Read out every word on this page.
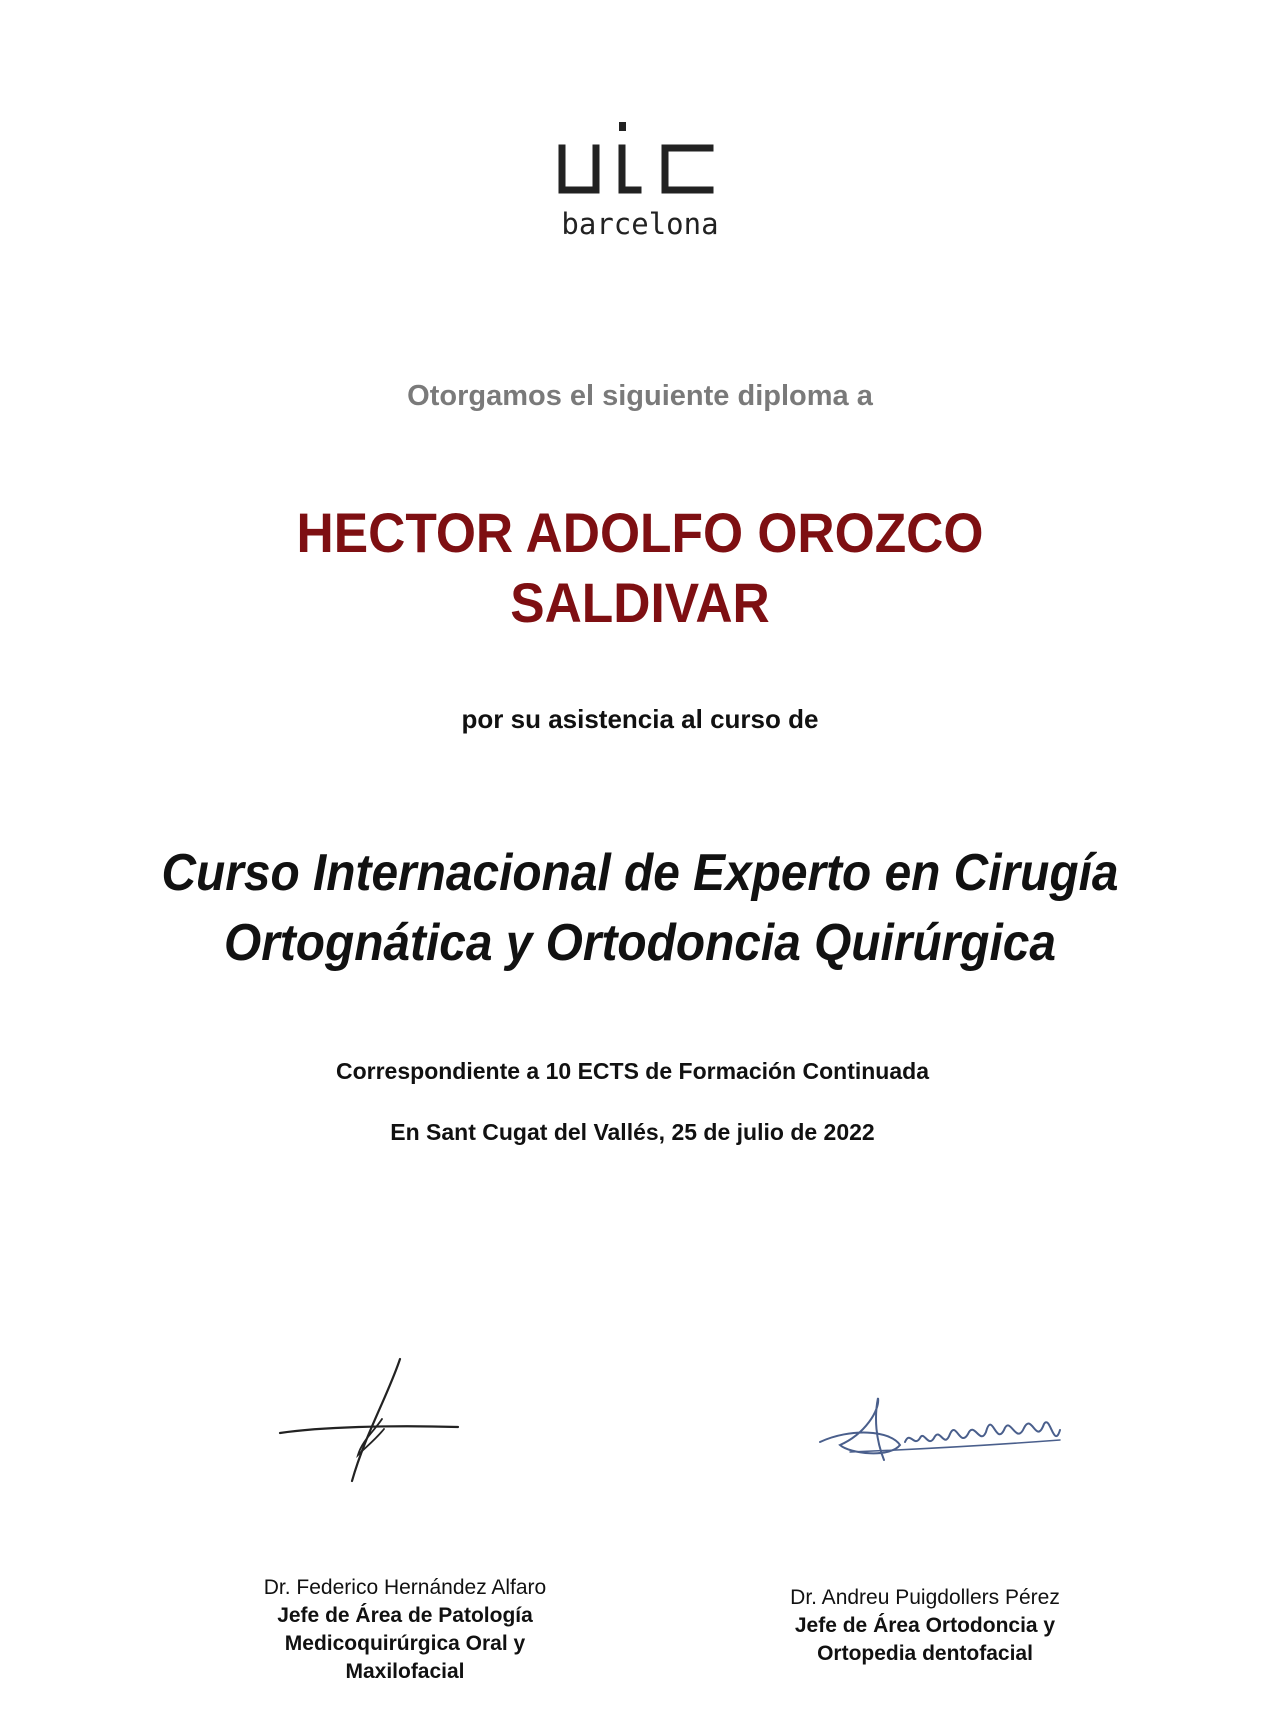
barcelona
Otorgamos el siguiente diploma a
HECTOR ADOLFO OROZCO
SALDIVAR
por su asistencia al curso de
Curso Internacional de Experto en Cirugía
Ortognática y Ortodoncia Quirúrgica
Correspondiente a 10 ECTS de Formación Continuada
En Sant Cugat del Vallés, 25 de julio de 2022
Dr. Federico Hernández Alfaro
Jefe de Área de Patología
Medicoquirúrgica Oral y
Maxilofacial
Dr. Andreu Puigdollers Pérez
Jefe de Área Ortodoncia y
Ortopedia dentofacial
